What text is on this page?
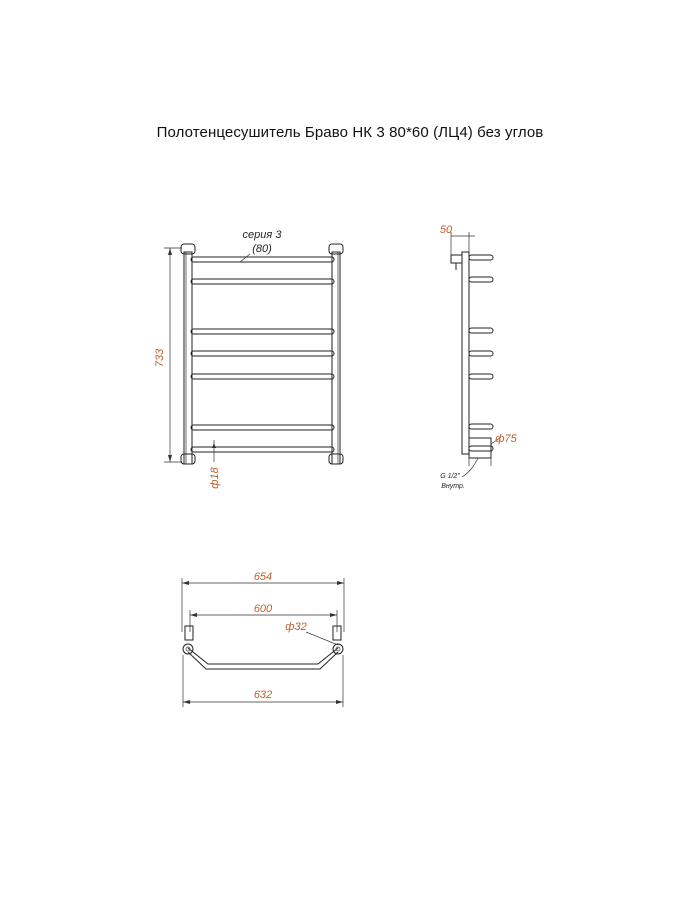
Полотенцесушитель Браво НК 3 80*60 (ЛЦ4) без углов
733
серия 3
(80)
ф18
50
ф75
G 1/2"
Внутр.
654
600
ф32
632
